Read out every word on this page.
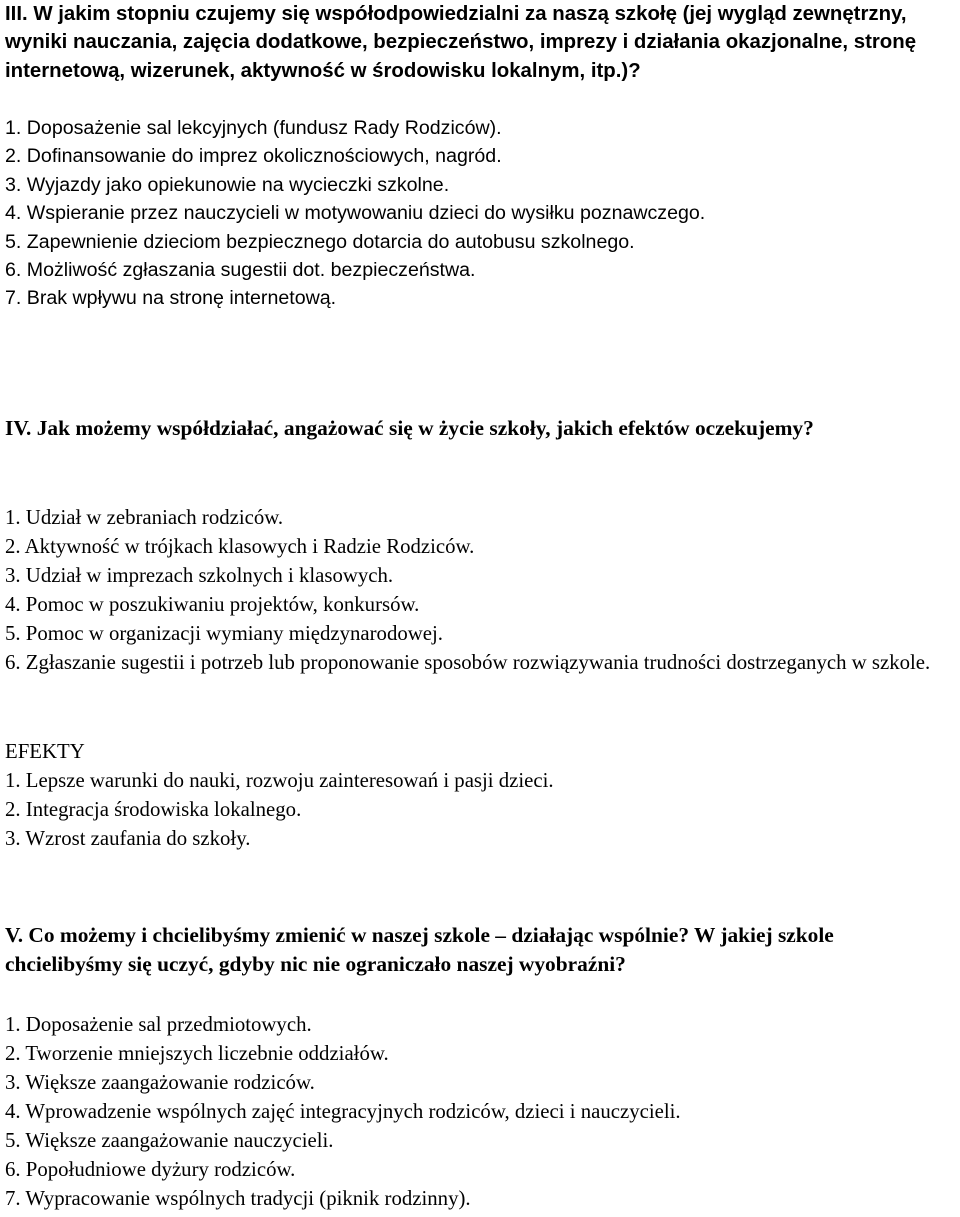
III. W jakim stopniu czujemy się współodpowiedzialni za naszą szkołę (jej wygląd zewnętrzny, wyniki nauczania, zajęcia dodatkowe, bezpieczeństwo, imprezy i działania okazjonalne, stronę internetową, wizerunek, aktywność w środowisku lokalnym, itp.)?

1. Doposażenie sal lekcyjnych (fundusz Rady Rodziców).

2. Dofinansowanie do imprez okolicznościowych, nagród.

3. Wyjazdy jako opiekunowie na wycieczki szkolne.

4. Wspieranie przez nauczycieli w motywowaniu dzieci do wysiłku poznawczego.

5. Zapewnienie dzieciom bezpiecznego dotarcia do autobusu szkolnego.

6. Możliwość zgłaszania sugestii dot. bezpieczeństwa.

7. Brak wpływu na stronę internetową.

IV. Jak możemy współdziałać, angażować się w życie szkoły, jakich efektów oczekujemy?

1. Udział w zebraniach rodziców.

2. Aktywność w trójkach klasowych i Radzie Rodziców.

3. Udział w imprezach szkolnych i klasowych.

4. Pomoc w poszukiwaniu projektów, konkursów.

5. Pomoc w organizacji wymiany międzynarodowej.

6. Zgłaszanie sugestii i potrzeb lub proponowanie sposobów rozwiązywania trudności dostrzeganych w szkole.

EFEKTY

1. Lepsze warunki do nauki, rozwoju zainteresowań i pasji dzieci.

2. Integracja środowiska lokalnego.

3. Wzrost zaufania do szkoły.

V. Co możemy i chcielibyśmy zmienić w naszej szkole – działając wspólnie? W jakiej szkole chcielibyśmy się uczyć, gdyby nic nie ograniczało naszej wyobraźni?

1. Doposażenie sal przedmiotowych.

2. Tworzenie mniejszych liczebnie oddziałów.

3. Większe zaangażowanie rodziców.

4. Wprowadzenie wspólnych zajęć integracyjnych rodziców, dzieci i nauczycieli.

5. Większe zaangażowanie nauczycieli.

6. Popołudniowe dyżury rodziców.

7. Wypracowanie wspólnych tradycji (piknik rodzinny).
